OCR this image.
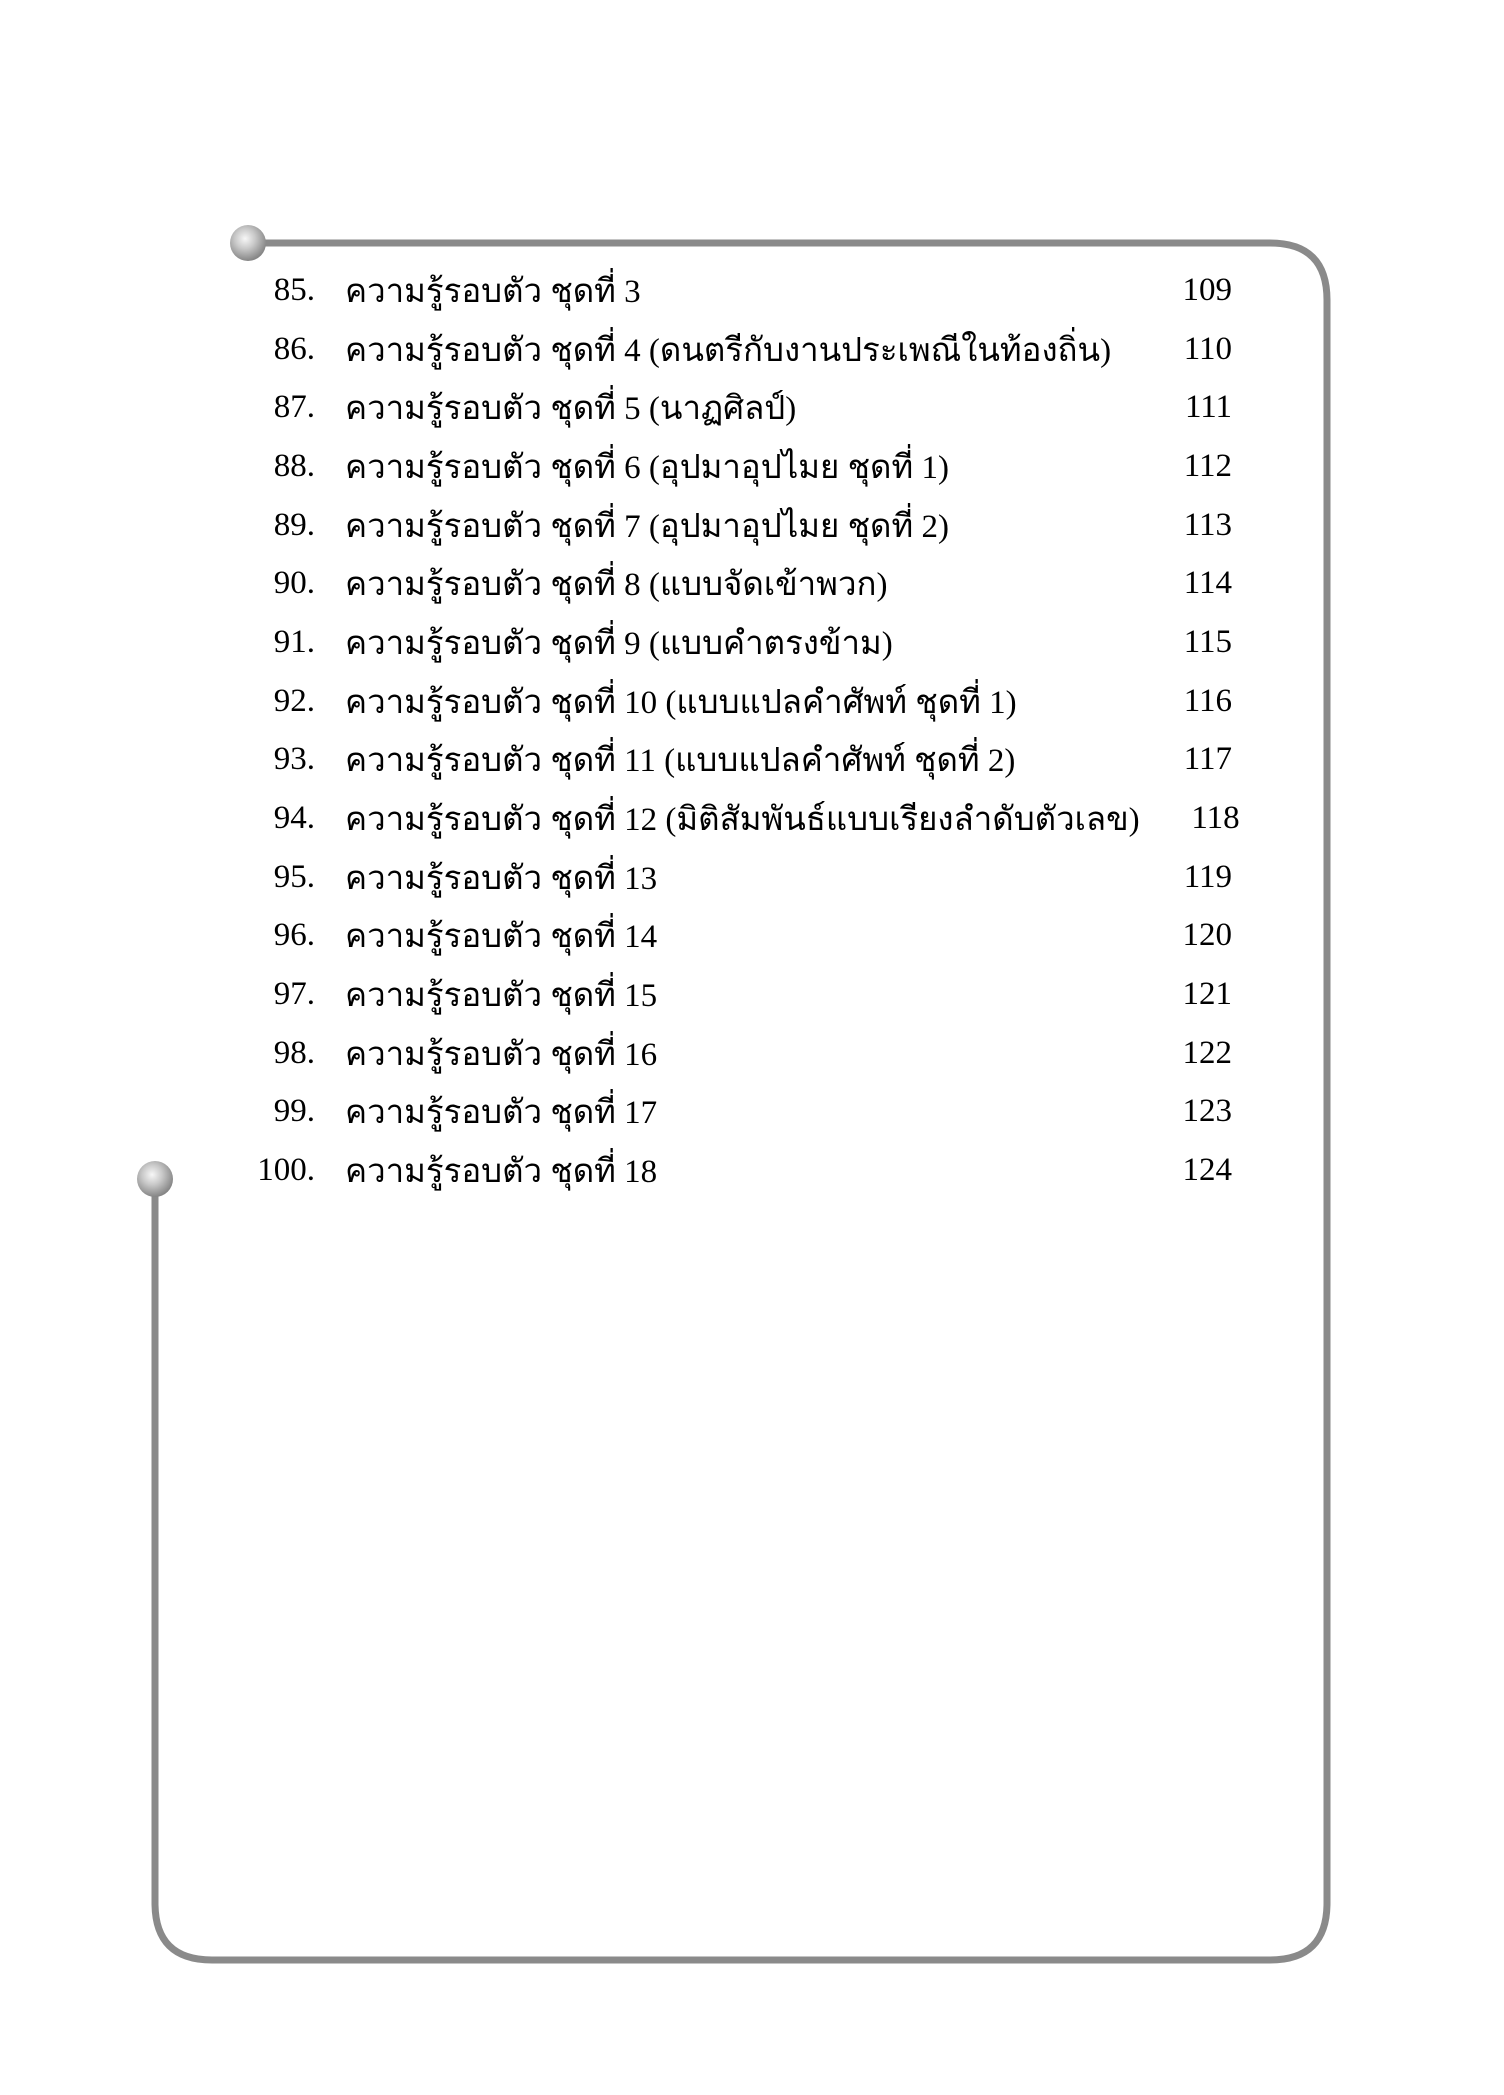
85. ความรู้รอบตัว ชุดที่ 3	109
86. ความรู้รอบตัว ชุดที่ 4 (ดนตรีกับงานประเพณีในท้องถิ่น)	110
87. ความรู้รอบตัว ชุดที่ 5 (นาฏศิลป์)	111
88. ความรู้รอบตัว ชุดที่ 6 (อุปมาอุปไมย ชุดที่ 1)	112
89. ความรู้รอบตัว ชุดที่ 7 (อุปมาอุปไมย ชุดที่ 2)	113
90. ความรู้รอบตัว ชุดที่ 8 (แบบจัดเข้าพวก)	114
91. ความรู้รอบตัว ชุดที่ 9 (แบบคำตรงข้าม)	115
92. ความรู้รอบตัว ชุดที่ 10 (แบบแปลคำศัพท์ ชุดที่ 1)	116
93. ความรู้รอบตัว ชุดที่ 11 (แบบแปลคำศัพท์ ชุดที่ 2)	117
94. ความรู้รอบตัว ชุดที่ 12 (มิติสัมพันธ์แบบเรียงลำดับตัวเลข)	118
95. ความรู้รอบตัว ชุดที่ 13	119
96. ความรู้รอบตัว ชุดที่ 14	120
97. ความรู้รอบตัว ชุดที่ 15	121
98. ความรู้รอบตัว ชุดที่ 16	122
99. ความรู้รอบตัว ชุดที่ 17	123
100. ความรู้รอบตัว ชุดที่ 18	124
